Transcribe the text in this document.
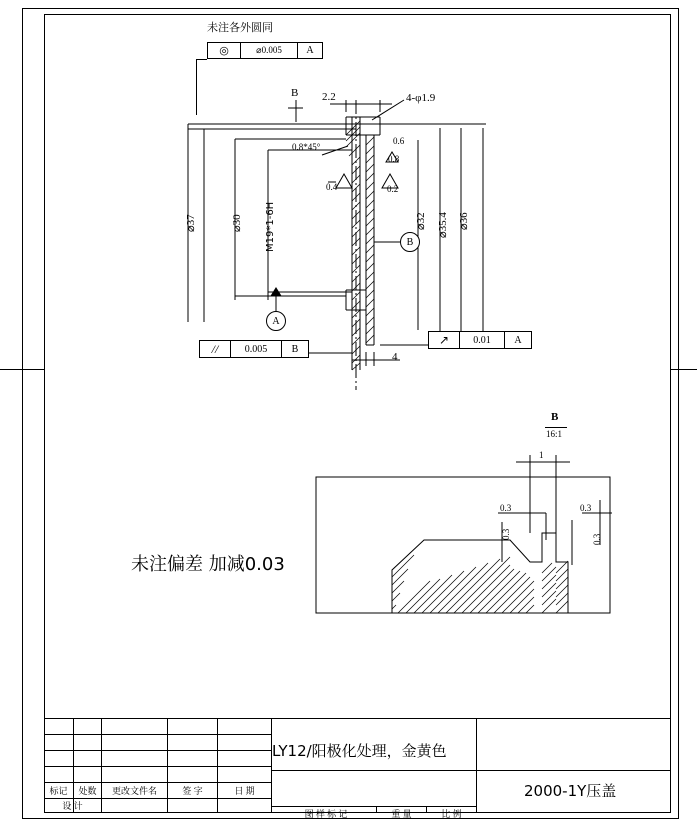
未注各外圆同
◎	⌀0.005	A
2.2
B	4-φ1.9
0.8*45°
0.6
0.8
0.4	0.2
⌀37	⌀30 M19*1-6H	⌀32 ⌀35.4 ⌀36
B
A
4
//	0.005	B
↗	0.01	A
B
16:1
1
0.3	0.3
0.3	0.3
未注偏差 加减0.03
标记	处数	更改文件名	签 字	日 期
设 计
LY12/阳极化处理，金黄色
2000-1Y压盖
图 样 标 记	重 量	比 例
